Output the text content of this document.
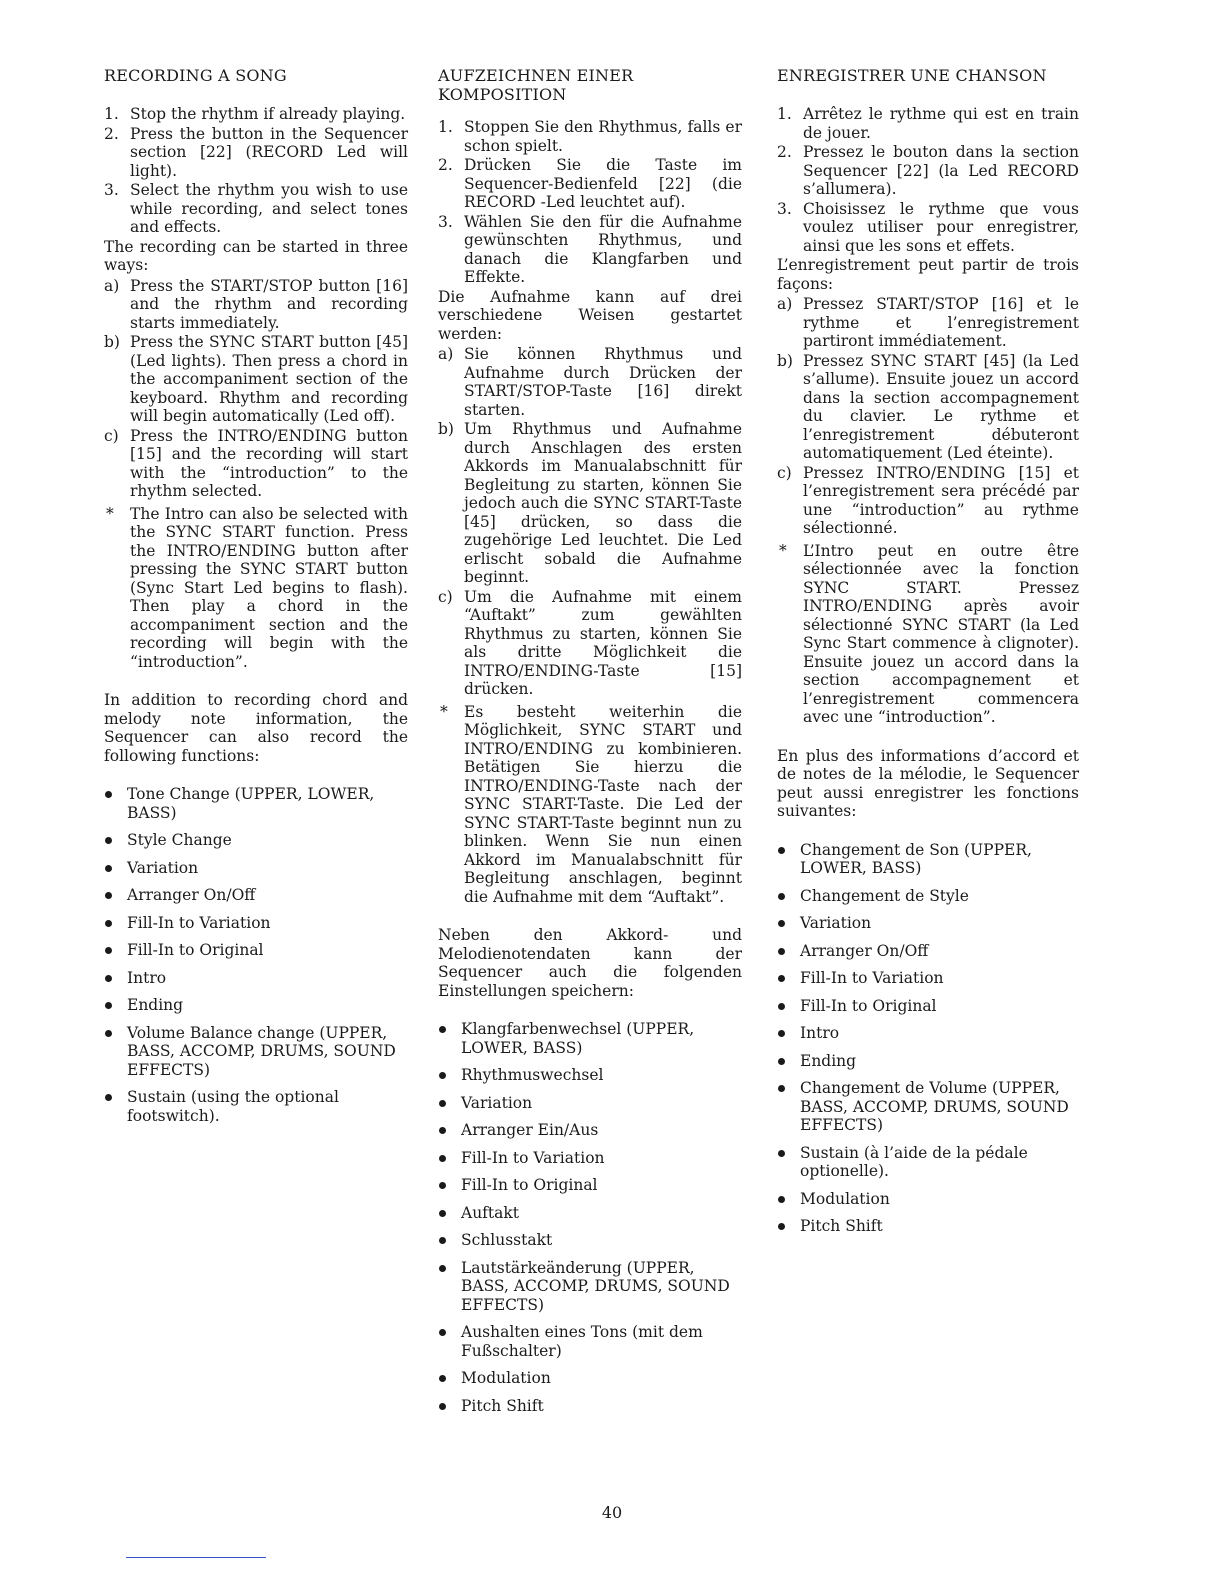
RECORDING A SONG
1. Stop the rhythm if already playing.
2. Press the button in the Sequencer section [22] (RECORD Led will light).
3. Select the rhythm you wish to use while recording, and select tones and effects.
The recording can be started in three ways:
a) Press the START/STOP button [16] and the rhythm and recording starts immediately.
b) Press the SYNC START button [45] (Led lights). Then press a chord in the accompaniment section of the keyboard. Rhythm and recording will begin automatically (Led off).
c) Press the INTRO/ENDING button [15] and the recording will start with the “introduction” to the rhythm selected.
* The Intro can also be selected with the SYNC START function. Press the INTRO/ENDING button after pressing the SYNC START button (Sync Start Led begins to flash). Then play a chord in the accompaniment section and the recording will begin with the “introduction”.
In addition to recording chord and melody note information, the Sequencer can also record the following functions:
Tone Change (UPPER, LOWER, BASS)
Style Change
Variation
Arranger On/Off
Fill-In to Variation
Fill-In to Original
Intro
Ending
Volume Balance change (UPPER, BASS, ACCOMP, DRUMS, SOUND EFFECTS)
Sustain (using the optional footswitch).
AUFZEICHNEN EINER
KOMPOSITION
1. Stoppen Sie den Rhythmus, falls er schon spielt.
2. Drücken Sie die Taste im Sequencer-Bedienfeld [22] (die RECORD -Led leuchtet auf).
3. Wählen Sie den für die Aufnahme gewünschten Rhythmus, und danach die Klangfarben und Effekte.
Die Aufnahme kann auf drei verschiedene Weisen gestartet werden:
a) Sie können Rhythmus und Aufnahme durch Drücken der START/STOP-Taste [16] direkt starten.
b) Um Rhythmus und Aufnahme durch Anschlagen des ersten Akkords im Manualabschnitt für Begleitung zu starten, können Sie jedoch auch die SYNC START-Taste [45] drücken, so dass die zugehörige Led leuchtet. Die Led erlischt sobald die Aufnahme beginnt.
c) Um die Aufnahme mit einem “Auftakt” zum gewählten Rhythmus zu starten, können Sie als dritte Möglichkeit die INTRO/ENDING-Taste [15] drücken.
* Es besteht weiterhin die Möglichkeit, SYNC START und INTRO/ENDING zu kombinieren. Betätigen Sie hierzu die INTRO/ENDING-Taste nach der SYNC START-Taste. Die Led der SYNC START-Taste beginnt nun zu blinken. Wenn Sie nun einen Akkord im Manualabschnitt für Begleitung anschlagen, beginnt die Aufnahme mit dem “Auftakt”.
Neben den Akkord- und Melodienotendaten kann der Sequencer auch die folgenden Einstellungen speichern:
Klangfarbenwechsel (UPPER, LOWER, BASS)
Rhythmuswechsel
Variation
Arranger Ein/Aus
Fill-In to Variation
Fill-In to Original
Auftakt
Schlusstakt
Lautstärkeänderung (UPPER, BASS, ACCOMP, DRUMS, SOUND EFFECTS)
Aushalten eines Tons (mit dem Fußschalter)
Modulation
Pitch Shift
ENREGISTRER UNE CHANSON
1. Arrêtez le rythme qui est en train de jouer.
2. Pressez le bouton dans la section Sequencer [22] (la Led RECORD s’allumera).
3. Choisissez le rythme que vous voulez utiliser pour enregistrer, ainsi que les sons et effets.
L’enregistrement peut partir de trois façons:
a) Pressez START/STOP [16] et le rythme et l’enregistrement partiront immédiatement.
b) Pressez SYNC START [45] (la Led s’allume). Ensuite jouez un accord dans la section accompagnement du clavier. Le rythme et l’enregistrement débuteront automatiquement (Led éteinte).
c) Pressez INTRO/ENDING [15] et l’enregistrement sera précédé par une “introduction” au rythme sélectionné.
* L’Intro peut en outre être sélectionnée avec la fonction SYNC START. Pressez INTRO/ENDING après avoir sélectionné SYNC START (la Led Sync Start commence à clignoter). Ensuite jouez un accord dans la section accompagnement et l’enregistrement commencera avec une “introduction”.
En plus des informations d’accord et de notes de la mélodie, le Sequencer peut aussi enregistrer les fonctions suivantes:
Changement de Son (UPPER, LOWER, BASS)
Changement de Style
Variation
Arranger On/Off
Fill-In to Variation
Fill-In to Original
Intro
Ending
Changement de Volume (UPPER, BASS, ACCOMP, DRUMS, SOUND EFFECTS)
Sustain (à l’aide de la pédale optionelle).
Modulation
Pitch Shift
40
